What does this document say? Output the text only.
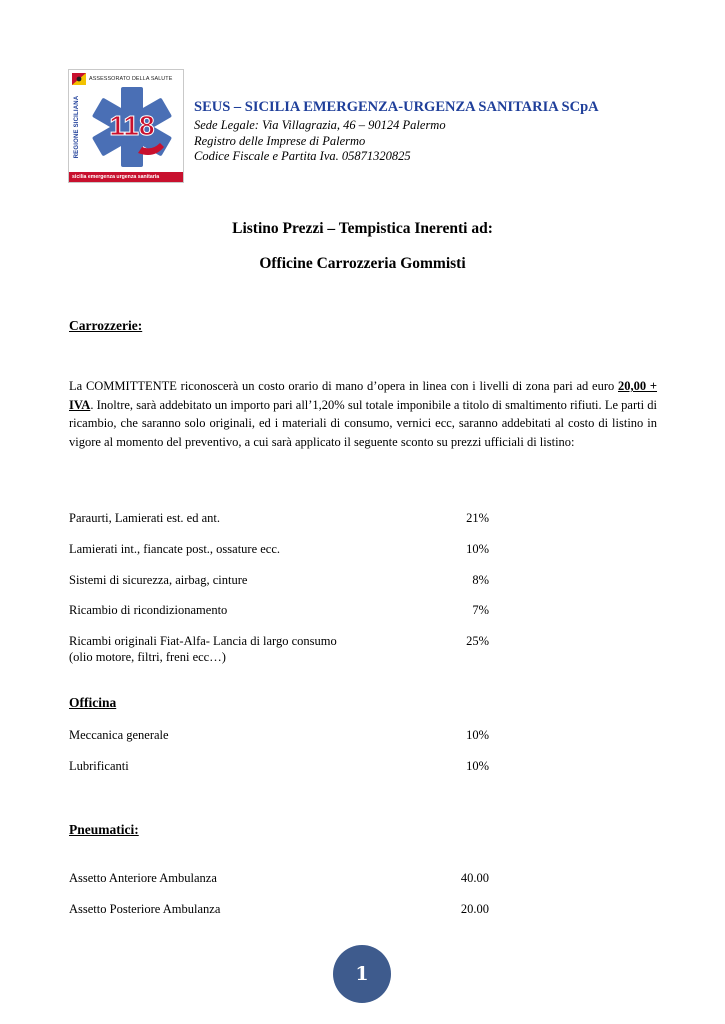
ASSESSORATO DELLA SALUTE
REGIONE SICILIANA 118
sicilia emergenza urgenza sanitaria

SEUS – SICILIA EMERGENZA-URGENZA SANITARIA SCpA

Sede Legale: Via Villagrazia, 46 – 90124 Palermo

Registro delle Imprese di Palermo

Codice Fiscale e Partita Iva. 05871320825

Listino Prezzi – Tempistica Inerenti ad:
Officine Carrozzeria Gommisti

Carrozzerie:

La COMMITTENTE riconoscerà un costo orario di mano d’opera in linea con i livelli di zona pari ad euro 20,00 + IVA. Inoltre, sarà addebitato un importo pari all’1,20% sul totale imponibile a titolo di smaltimento rifiuti. Le parti di ricambio, che saranno solo originali, ed i materiali di consumo, vernici ecc, saranno addebitati al costo di listino in vigore al momento del preventivo, a cui sarà applicato il seguente sconto su prezzi ufficiali di listino:

Paraurti, Lamierati est. ed ant.	21%
Lamierati int., fiancate post., ossature ecc.	10%
Sistemi di sicurezza, airbag, cinture	8%
Ricambio di ricondizionamento	7%
Ricambi originali Fiat-Alfa- Lancia di largo consumo	25%
(olio motore, filtri, freni ecc…)

Officina

Meccanica generale	10%
Lubrificanti	10%

Pneumatici:

Assetto Anteriore Ambulanza	40.00
Assetto Posteriore Ambulanza	20.00
1
